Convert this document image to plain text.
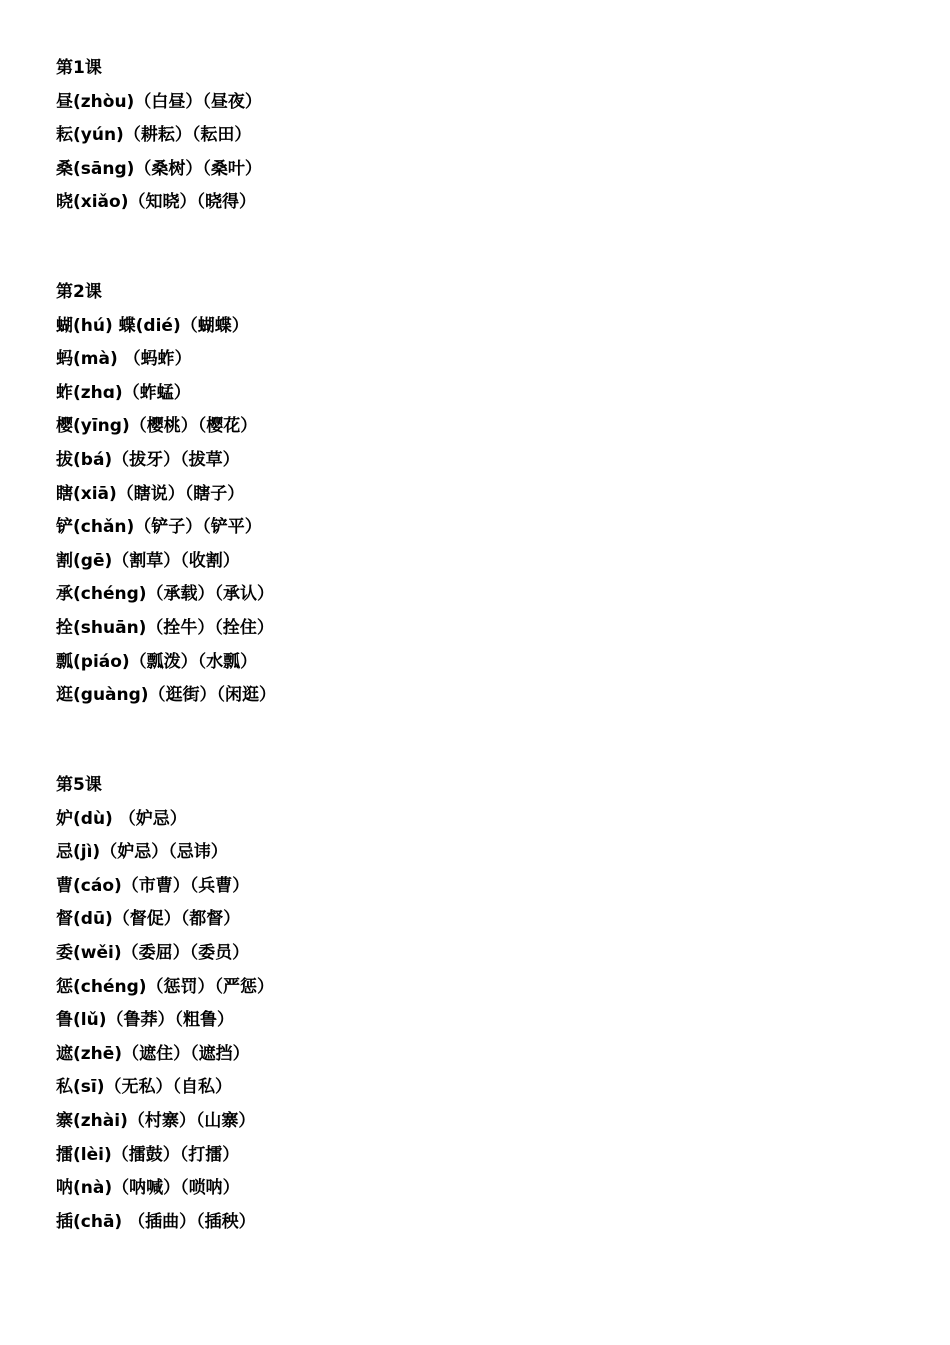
第1课
昼(zhòu)（白昼）（昼夜）
耘(yún)（耕耘）（耘田）
桑(sāng)（桑树）（桑叶）
晓(xiǎo)（知晓）（晓得）
第2课
蝴(hú) 蝶(dié)（蝴蝶）
蚂(mà) （蚂蚱）
蚱(zhɑ)（蚱蜢）
樱(yīng)（樱桃）（樱花）
拔(bá)（拔牙）（拔草）
瞎(xiā)（瞎说）（瞎子）
铲(chǎn)（铲子）（铲平）
割(gē)（割草）（收割）
承(chéng)（承载）（承认）
拴(shuān)（拴牛）（拴住）
瓢(piáo)（瓢泼）（水瓢）
逛(guàng)（逛街）（闲逛）
第5课
妒(dù) （妒忌）
忌(jì)（妒忌）（忌讳）
曹(cáo)（市曹）（兵曹）
督(dū)（督促）（都督）
委(wěi)（委屈）（委员）
惩(chéng)（惩罚）（严惩）
鲁(lǔ)（鲁莽）（粗鲁）
遮(zhē)（遮住）（遮挡）
私(sī)（无私）（自私）
寨(zhài)（村寨）（山寨）
擂(lèi)（擂鼓）（打擂）
呐(nà)（呐喊）（唢呐）
插(chā) （插曲）（插秧）
